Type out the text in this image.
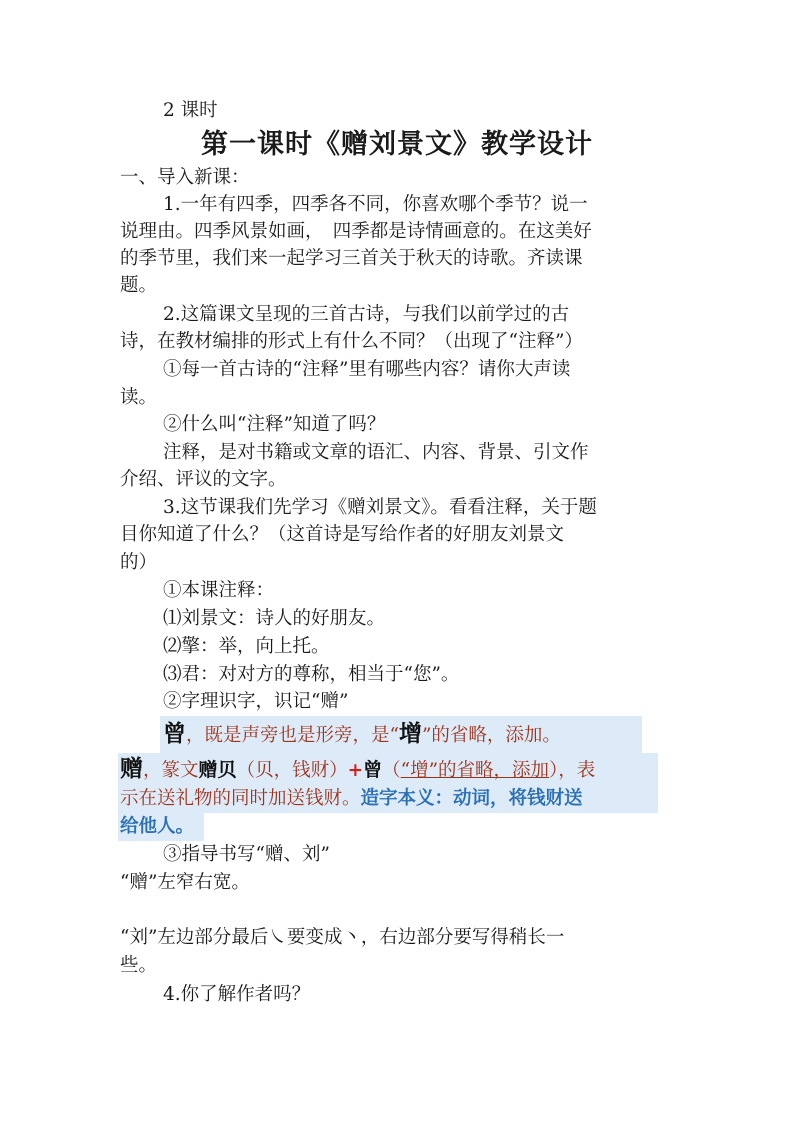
2 课时
第一课时《赠刘景文》教学设计
一、导入新课：
1.一年有四季，四季各不同，你喜欢哪个季节？说一
说理由。四季风景如画，　四季都是诗情画意的。在这美好
的季节里，我们来一起学习三首关于秋天的诗歌。齐读课
题。
2.这篇课文呈现的三首古诗，与我们以前学过的古
诗，在教材编排的形式上有什么不同？（出现了“注释”）
①每一首古诗的“注释”里有哪些内容？请你大声读
读。
②什么叫“注释”知道了吗？
注释，是对书籍或文章的语汇、内容、背景、引文作
介绍、评议的文字。
3.这节课我们先学习《赠刘景文》。看看注释，关于题
目你知道了什么？（这首诗是写给作者的好朋友刘景文
的）
①本课注释：
⑴刘景文：诗人的好朋友。
⑵擎：举，向上托。
⑶君：对对方的尊称，相当于“您”。
②字理识字，识记“赠”
曾，既是声旁也是形旁，是“增”的省略，添加。
赠，篆文赠贝（贝，钱财）+曾（“增”的省略，添加），表
示在送礼物的同时加送钱财。造字本义：动词，将钱财送
给他人。
③指导书写“赠、刘”
“赠”左窄右宽。
“刘”左边部分最后㇏要变成丶，右边部分要写得稍长一
些。
4.你了解作者吗？
